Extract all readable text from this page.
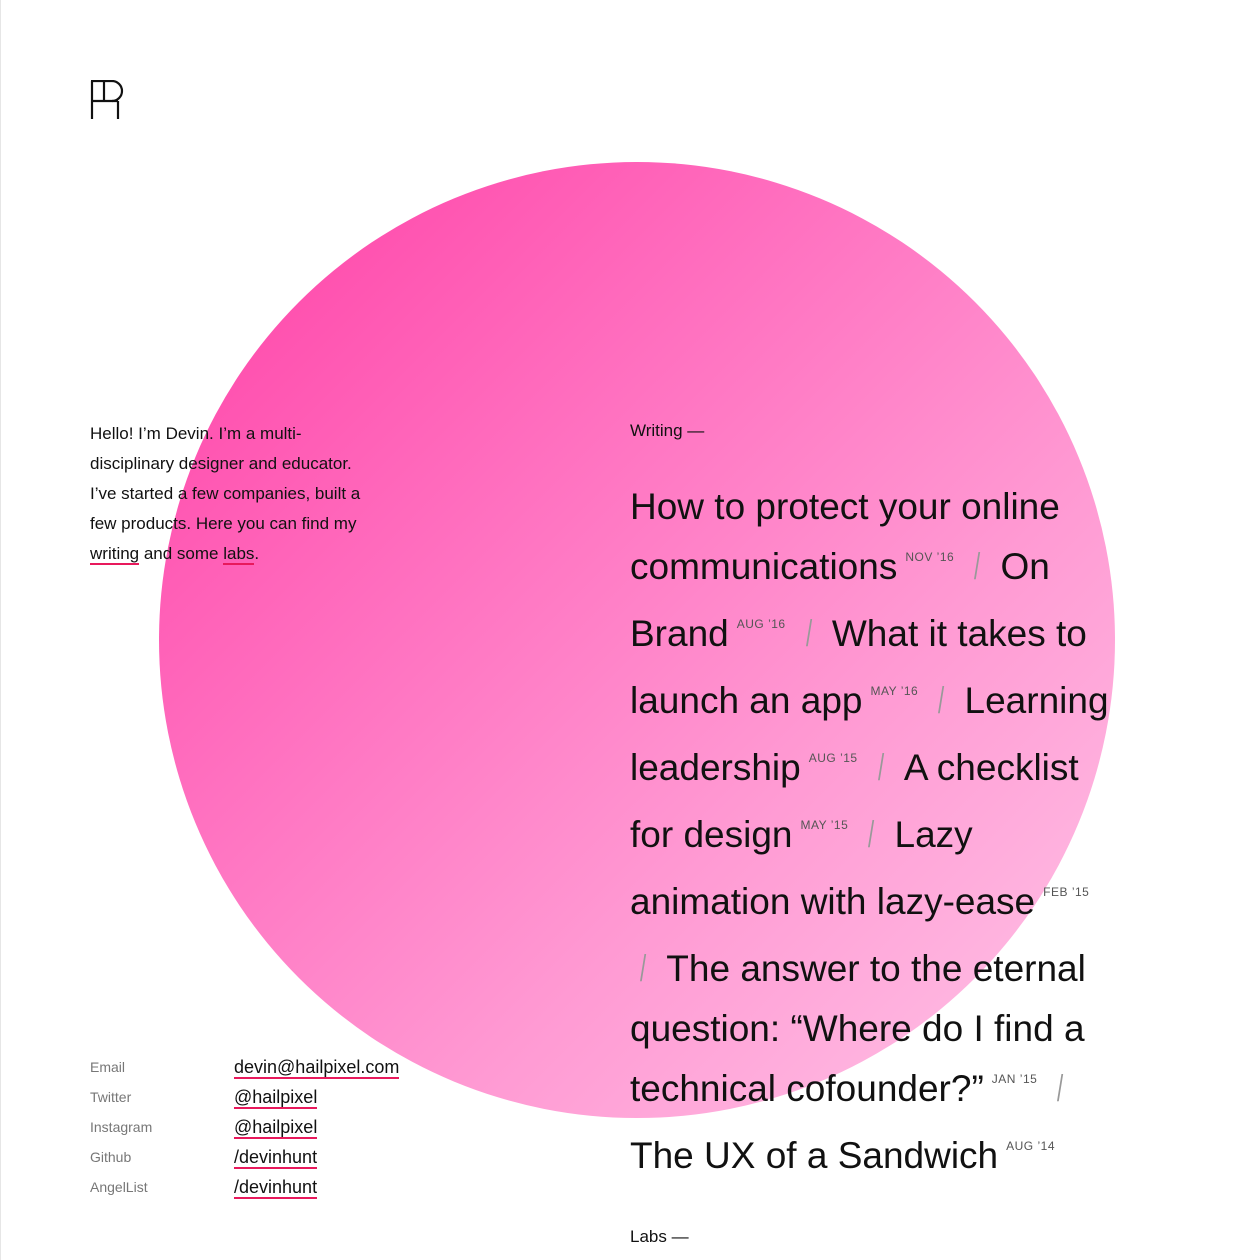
Hello! I’m Devin. I’m a multi-disciplinary designer and educator. I’ve started a few companies, built a few products. Here you can find my writing and some labs.
Email	devin@hailpixel.com
Twitter	@hailpixel
Instagram	@hailpixel
Github	/devinhunt
AngelList	/devinhunt
Writing —
How to protect your online
communications $^{NOV ’16}$ / On
Brand $^{AUG ’16}$ / What it takes to
launch an app $^{MAY ’16}$ / Learning
leadership $^{AUG ’15}$ / A checklist
for design $^{MAY ’15}$ / Lazy
animation with lazy-ease $^{FEB ’15}$
/ The answer to the eternal
question: “Where do I find a
technical cofounder?” $^{JAN ’15}$ /
The UX of a Sandwich $^{AUG ’14}$
Labs —
